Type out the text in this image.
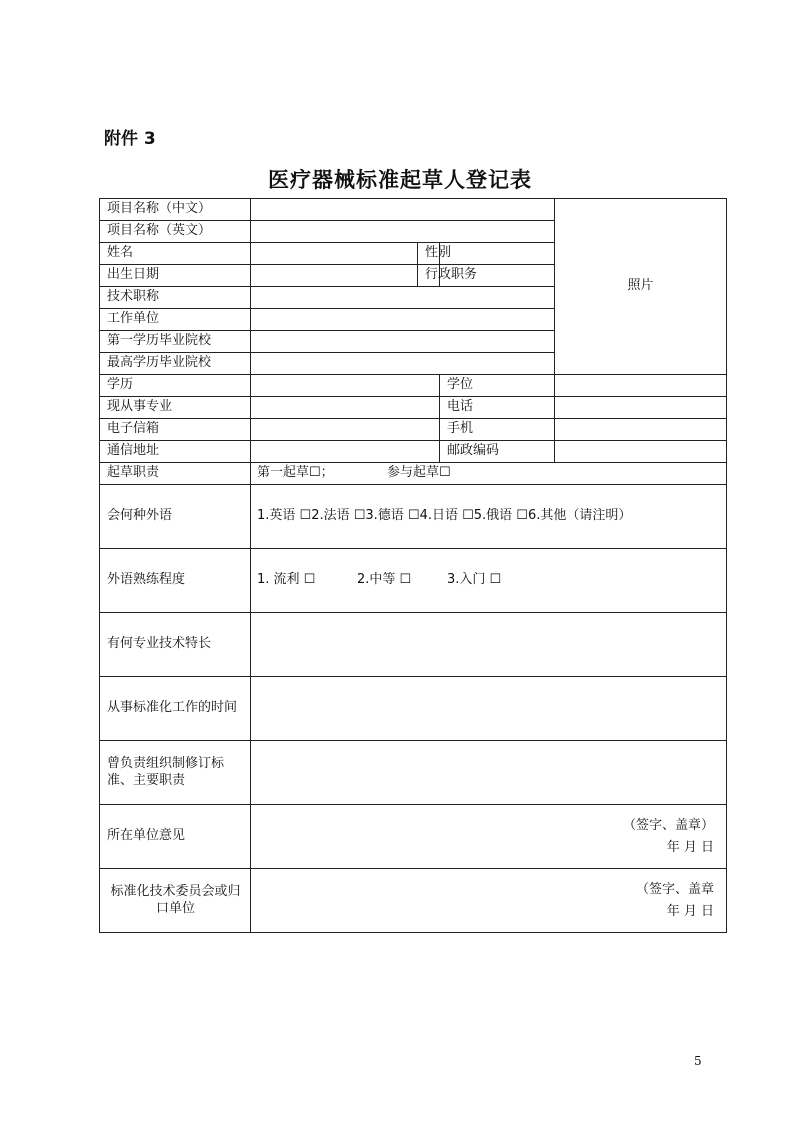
附件 3
医疗器械标准起草人登记表
项目名称（中文）				照片
项目名称（英文）				
姓名		性别		
出生日期		行政职务		
技术职称				
工作单位				
第一学历毕业院校				
最高学历毕业院校				
学历			学位	
现从事专业			电话	
电子信箱			手机	
通信地址			邮政编码	
起草职责	第一起草☐； 参与起草☐			
会何种外语	1.英语 ☐2.法语 ☐3.德语 ☐4.日语 ☐5.俄语 ☐6.其他（请注明）			
外语熟练程度	1. 流利 ☐ 2.中等 ☐ 3.入门 ☐			
有何专业技术特长				
从事标准化工作的时间				
曾负责组织制修订标准、主要职责				
所在单位意见	（签字、盖章）
年 月 日			

标准化技术委员会或归口单位	（签字、盖章
年 月 日			
5
